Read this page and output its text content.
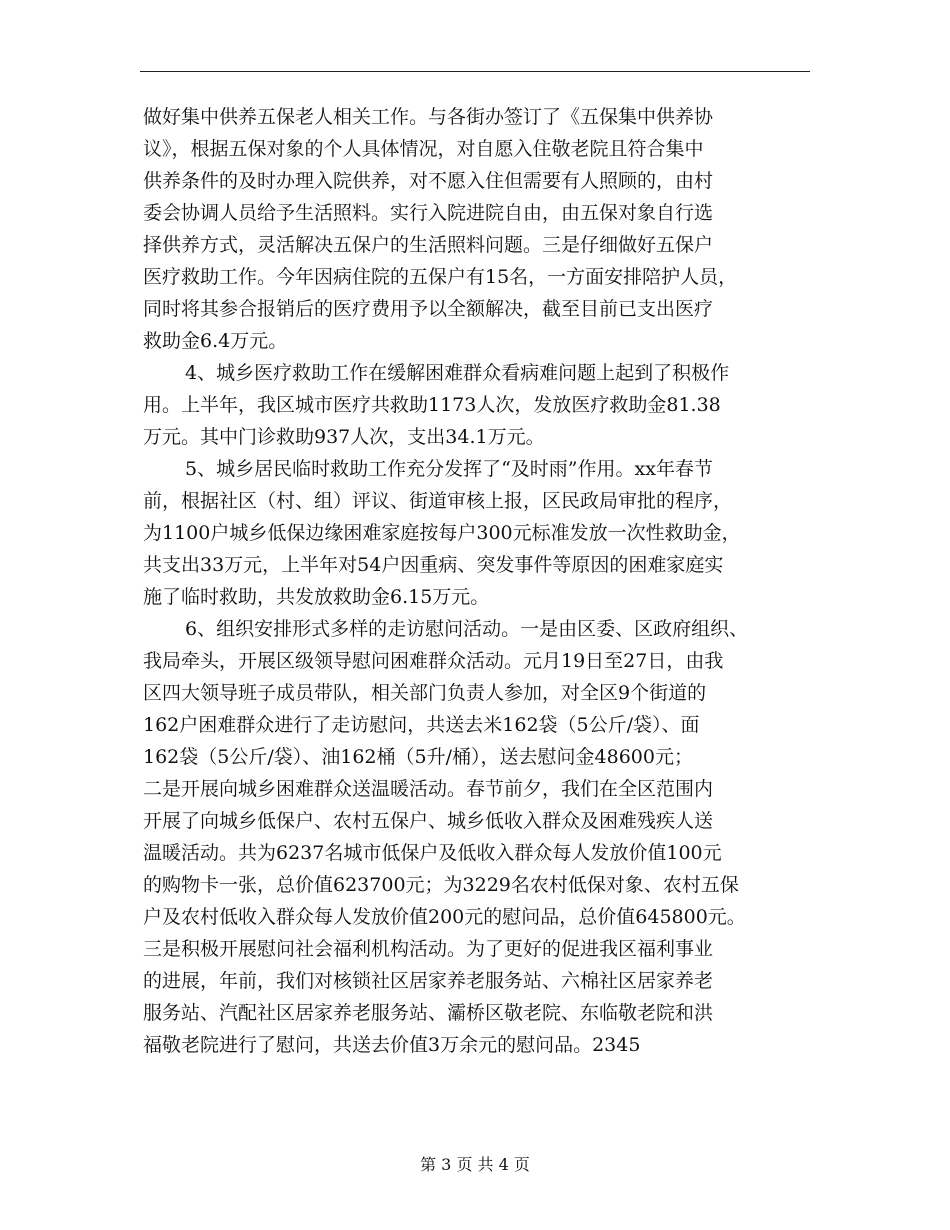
做好集中供养五保老人相关工作。与各街办签订了《五保集中供养协
议》，根据五保对象的个人具体情况，对自愿入住敬老院且符合集中
供养条件的及时办理入院供养，对不愿入住但需要有人照顾的，由村
委会协调人员给予生活照料。实行入院进院自由，由五保对象自行选
择供养方式，灵活解决五保户的生活照料问题。三是仔细做好五保户
医疗救助工作。今年因病住院的五保户有15名，一方面安排陪护人员，
同时将其参合报销后的医疗费用予以全额解决，截至目前已支出医疗
救助金6.4万元。
4、城乡医疗救助工作在缓解困难群众看病难问题上起到了积极作
用。上半年，我区城市医疗共救助1173人次，发放医疗救助金81.38
万元。其中门诊救助937人次，支出34.1万元。
5、城乡居民临时救助工作充分发挥了“及时雨”作用。xx年春节
前，根据社区（村、组）评议、街道审核上报，区民政局审批的程序，
为1100户城乡低保边缘困难家庭按每户300元标准发放一次性救助金，
共支出33万元，上半年对54户因重病、突发事件等原因的困难家庭实
施了临时救助，共发放救助金6.15万元。
6、组织安排形式多样的走访慰问活动。一是由区委、区政府组织、
我局牵头，开展区级领导慰问困难群众活动。元月19日至27日，由我
区四大领导班子成员带队，相关部门负责人参加，对全区9个街道的
162户困难群众进行了走访慰问，共送去米162袋（5公斤/袋）、面
162袋（5公斤/袋）、油162桶（5升/桶），送去慰问金48600元；
二是开展向城乡困难群众送温暖活动。春节前夕，我们在全区范围内
开展了向城乡低保户、农村五保户、城乡低收入群众及困难残疾人送
温暖活动。共为6237名城市低保户及低收入群众每人发放价值100元
的购物卡一张，总价值623700元；为3229名农村低保对象、农村五保
户及农村低收入群众每人发放价值200元的慰问品，总价值645800元。
三是积极开展慰问社会福利机构活动。为了更好的促进我区福利事业
的进展，年前，我们对核锁社区居家养老服务站、六棉社区居家养老
服务站、汽配社区居家养老服务站、灞桥区敬老院、东临敬老院和洪
福敬老院进行了慰问，共送去价值3万余元的慰问品。2345
第 3 页 共 4 页
